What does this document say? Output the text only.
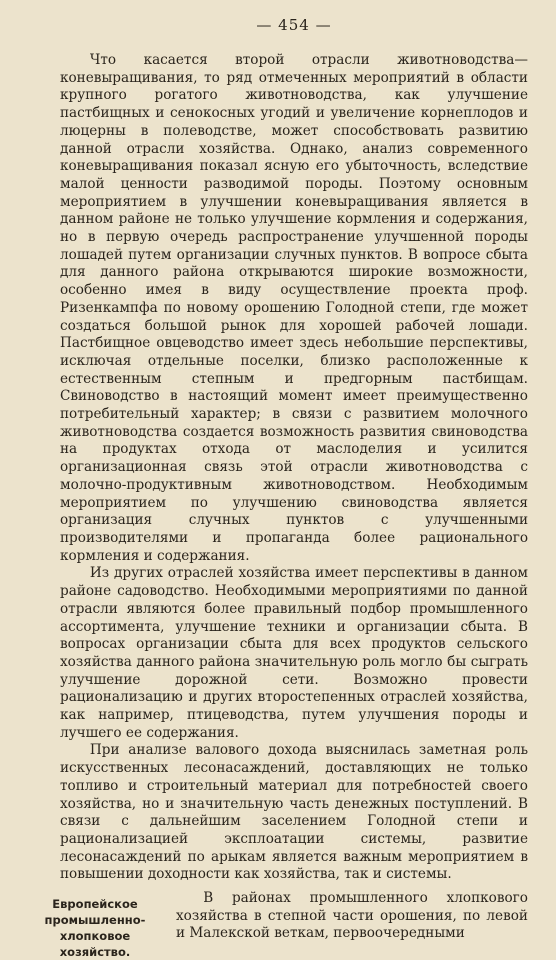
— 454 —

Что касается второй отрасли животноводства—коневыращивания, то ряд отмеченных мероприятий в области крупного рогатого животноводства, как улучшение пастбищных и сенокосных угодий и увеличение корнеплодов и люцерны в полеводстве, может способствовать развитию данной отрасли хозяйства. Однако, анализ современного коневыращивания показал ясную его убыточность, вследствие малой ценности разводимой породы. Поэтому основным мероприятием в улучшении коневыращивания является в данном районе не только улучшение кормления и содержания, но в первую очередь распространение улучшенной породы лошадей путем организации случных пунктов. В вопросе сбыта для данного района открываются широкие возможности, особенно имея в виду осуществление проекта проф. Ризенкампфа по новому орошению Голодной степи, где может создаться большой рынок для хорошей рабочей лошади. Пастбищное овцеводство имеет здесь небольшие перспективы, исключая отдельные поселки, близко расположенные к естественным степным и предгорным пастбищам. Свиноводство в настоящий момент имеет преимущественно потребительный характер; в связи с развитием молочного животноводства создается возможность развития свиноводства на продуктах отхода от маслоделия и усилится организационная связь этой отрасли животноводства с молочно-продуктивным животноводством. Необходимым мероприятием по улучшению свиноводства является организация случных пунктов с улучшенными производителями и пропаганда более рационального кормления и содержания.

Из других отраслей хозяйства имеет перспективы в данном районе садоводство. Необходимыми мероприятиями по данной отрасли являются более правильный подбор промышленного ассортимента, улучшение техники и организации сбыта. В вопросах организации сбыта для всех продуктов сельского хозяйства данного района значительную роль могло бы сыграть улучшение дорожной сети. Возможно провести рационализацию и других второстепенных отраслей хозяйства, как например, птицеводства, путем улучшения породы и лучшего ее содержания.

При анализе валового дохода выяснилась заметная роль искусственных лесонасаждений, доставляющих не только топливо и строительный материал для потребностей своего хозяйства, но и значительную часть денежных поступлений. В связи с дальнейшим заселением Голодной степи и рационализацией эксплоатации системы, развитие лесонасаждений по арыкам является важным мероприятием в повышении доходности как хозяйства, так и системы.

Европейское промышленно-хлопковое хозяйство.
В районах промышленного хлопкового хозяйства в степной части орошения, по левой и Малекской веткам, первоочередными
